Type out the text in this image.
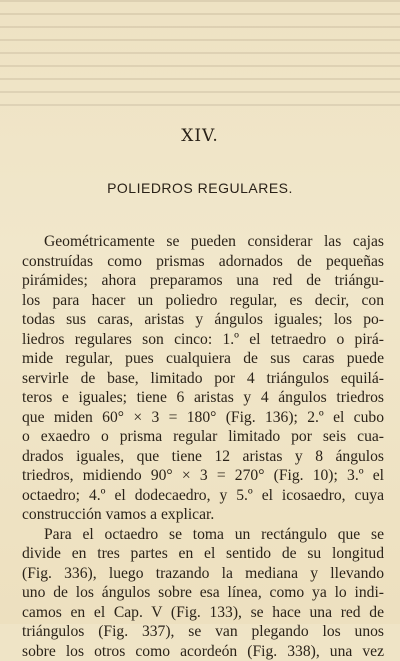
XIV.
POLIEDROS REGULARES.
Geométricamente se pueden considerar las cajas
construídas como prismas adornados de pequeñas
pirámides; ahora preparamos una red de triángu-
los para hacer un poliedro regular, es decir, con
todas sus caras, aristas y ángulos iguales; los po-
liedros regulares son cinco: 1.º el tetraedro o pirá-
mide regular, pues cualquiera de sus caras puede
servirle de base, limitado por 4 triángulos equilá-
teros e iguales; tiene 6 aristas y 4 ángulos triedros
que miden 60° × 3 = 180° (Fig. 136); 2.º el cubo
o exaedro o prisma regular limitado por seis cua-
drados iguales, que tiene 12 aristas y 8 ángulos
triedros, midiendo 90° × 3 = 270° (Fig. 10); 3.º el
octaedro; 4.º el dodecaedro, y 5.º el icosaedro, cuya
construcción vamos a explicar.
Para el octaedro se toma un rectángulo que se
divide en tres partes en el sentido de su longitud
(Fig. 336), luego trazando la mediana y llevando
uno de los ángulos sobre esa línea, como ya lo indi-
camos en el Cap. V (Fig. 133), se hace una red de
triángulos (Fig. 337), se van plegando los unos
sobre los otros como acordeón (Fig. 338), una vez
